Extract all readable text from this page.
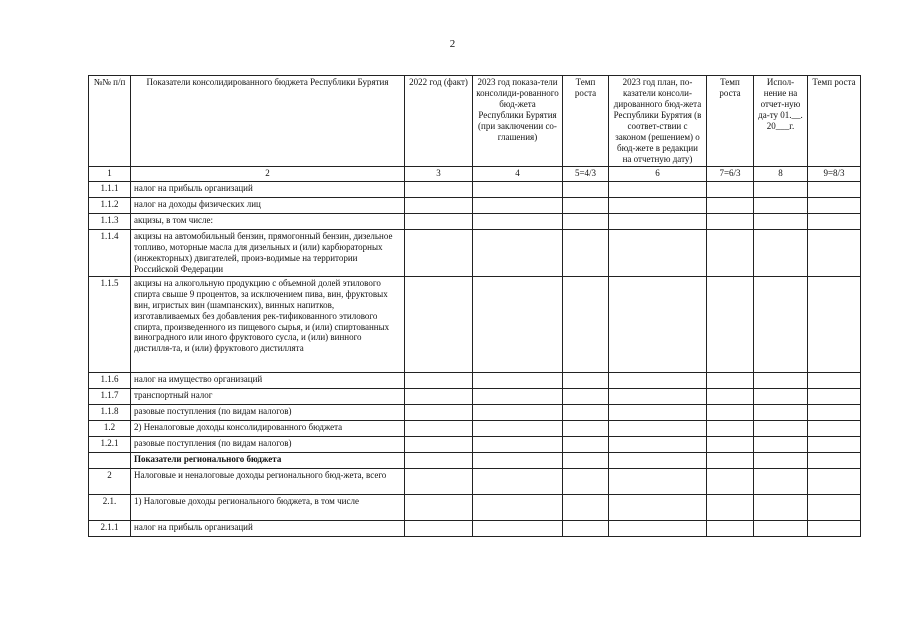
2
№№ п/п	Показатели консолидированного бюджета Республики Бурятия	2022 год (факт)	2023 год показа-тели консолиди-рованного бюд-жета Республики Бурятия (при заключении со-глашения)	Темп роста	2023 год план, по-казатели консоли-дированного бюд-жета Республики Бурятия (в соответ-ствии с законом (решением) о бюд-жете в редакции на отчетную дату)	Темп роста	Испол-нение на отчет-ную да-ту 01.__. 20___г.	Темп роста
1	2	3	4	5=4/3	6	7=6/3	8	9=8/3
1.1.1	налог на прибыль организаций							
1.1.2	налог на доходы физических лиц							
1.1.3	акцизы, в том числе:							
1.1.4	акцизы на автомобильный бензин, прямогонный бензин, дизельное топливо, моторные масла для дизельных и (или) карбюраторных (инжекторных) двигателей, произ-водимые на территории Российской Федерации							
1.1.5	акцизы на алкогольную продукцию с объемной долей этилового спирта свыше 9 процентов, за исключением пива, вин, фруктовых вин, игристых вин (шампанских), винных напитков, изготавливаемых без добавления рек-тификованного этилового спирта, произведенного из пищевого сырья, и (или) спиртованных виноградного или иного фруктового сусла, и (или) винного дистилля-та, и (или) фруктового дистиллята							
1.1.6	налог на имущество организаций							
1.1.7	транспортный налог							
1.1.8	разовые поступления (по видам налогов)							
1.2	2) Неналоговые доходы консолидированного бюджета							
1.2.1	разовые поступления (по видам налогов)							
	Показатели регионального бюджета							
2	Налоговые и неналоговые доходы регионального бюд-жета, всего							
2.1.	1) Налоговые доходы регионального бюджета, в том числе							
2.1.1	налог на прибыль организаций							
